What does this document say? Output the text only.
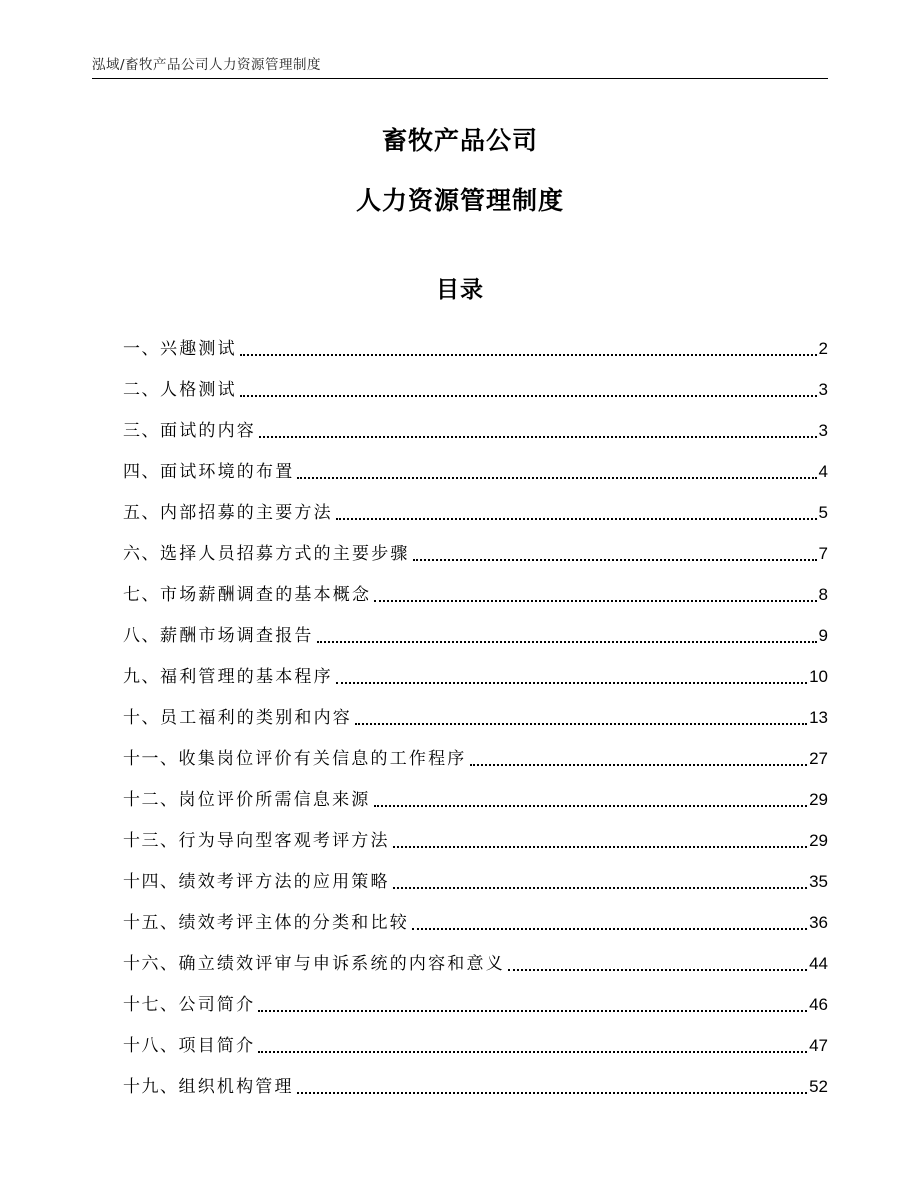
泓域/畜牧产品公司人力资源管理制度
畜牧产品公司
人力资源管理制度
目录
一、 兴趣测试	2
二、 人格测试	3
三、 面试的内容	3
四、 面试环境的布置	4
五、 内部招募的主要方法	5
六、 选择人员招募方式的主要步骤	7
七、 市场薪酬调查的基本概念	8
八、 薪酬市场调查报告	9
九、 福利管理的基本程序	10
十、 员工福利的类别和内容	13
十一、 收集岗位评价有关信息的工作程序	27
十二、 岗位评价所需信息来源	29
十三、 行为导向型客观考评方法	29
十四、 绩效考评方法的应用策略	35
十五、 绩效考评主体的分类和比较	36
十六、 确立绩效评审与申诉系统的内容和意义	44
十七、 公司简介	46
十八、 项目简介	47
十九、 组织机构管理	52
